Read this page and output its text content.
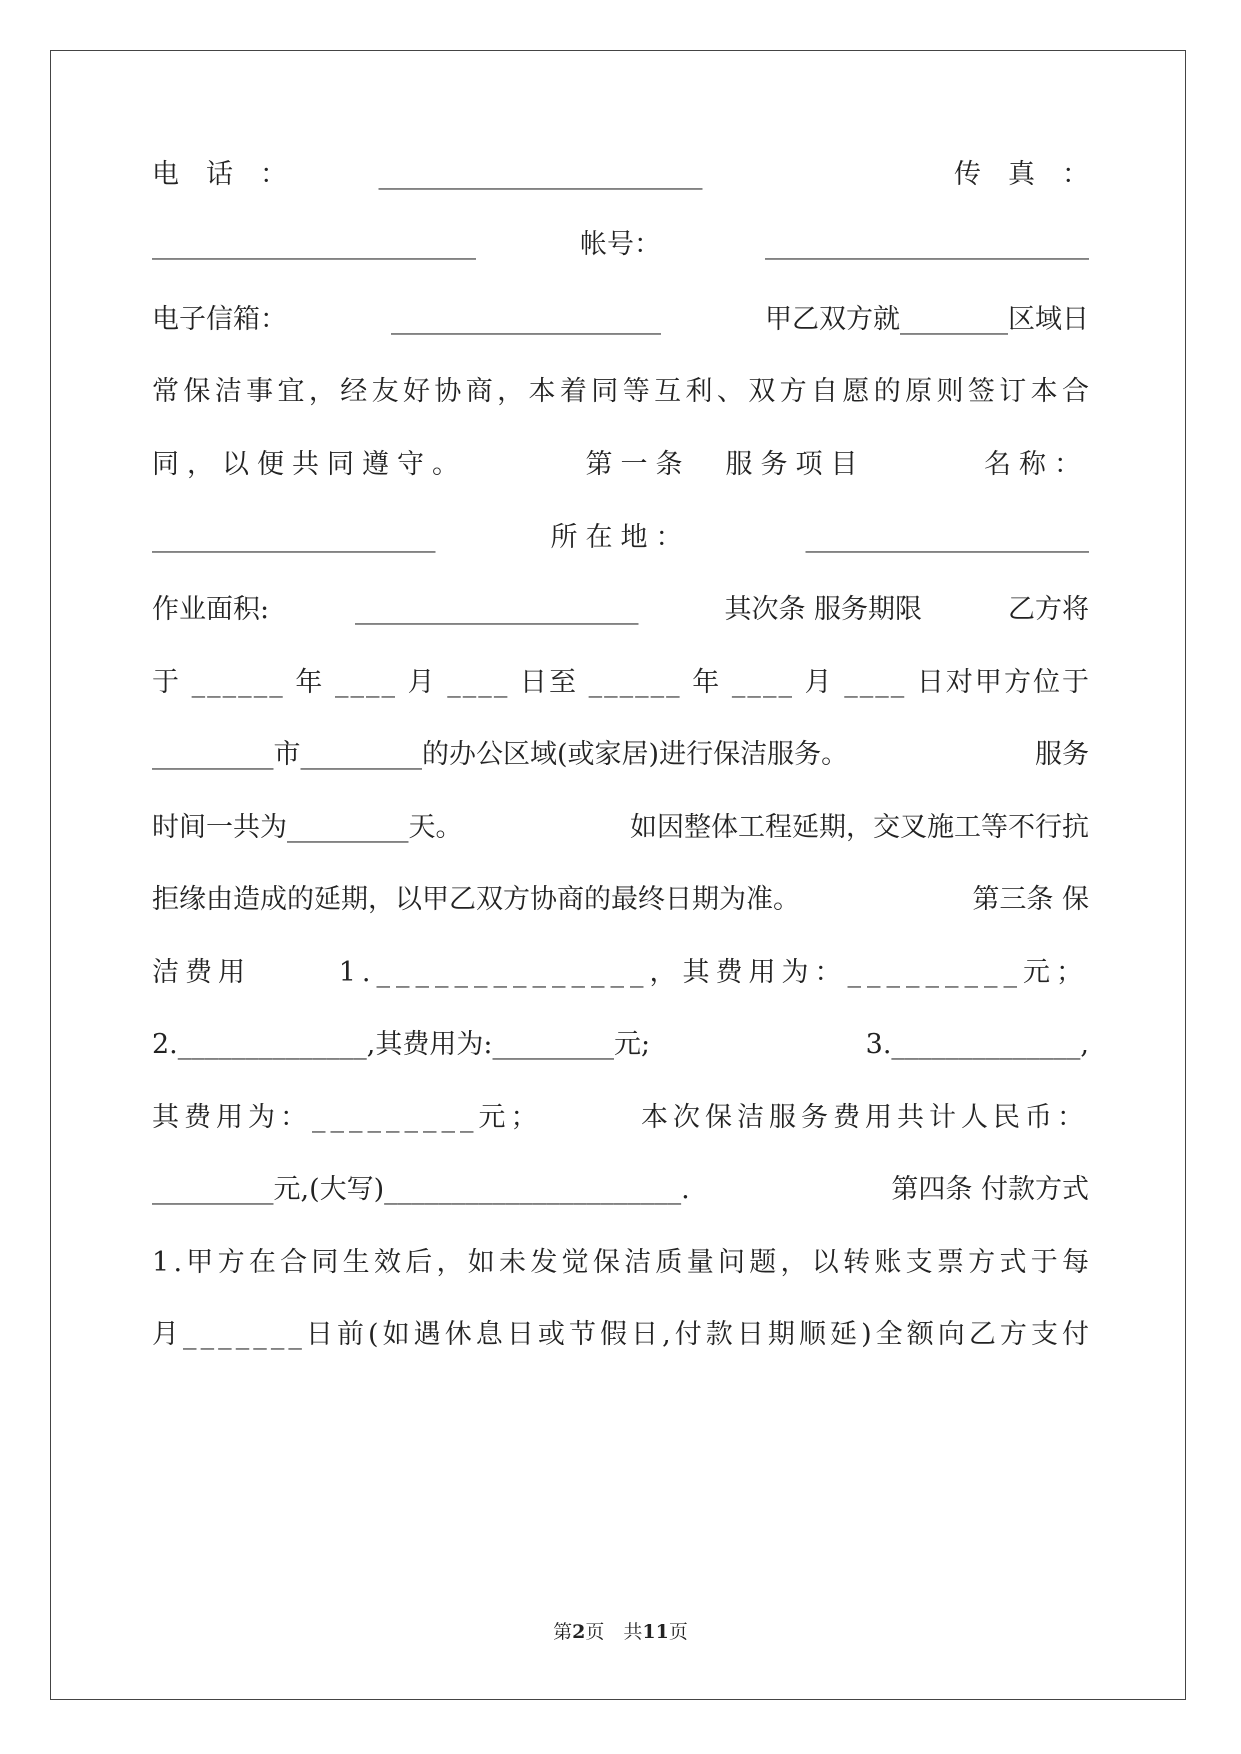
电　话　：	________________________	传　真　：
________________________	帐号：	________________________
电子信箱：	____________________	甲乙双方就________区域日
常保洁事宜，经友好协商，本着同等互利、双方自愿的原则签订本合
同，以便共同遵守。	第一条　服务项目	名称：
_____________________	所在地：	_____________________
作业面积:	_____________________	其次条 服务期限	乙方将
于 ______ 年 ____ 月 ____ 日至 ______ 年 ____ 月 ____ 日对甲方位于
_________市_________的办公区域(或家居)进行保洁服务。	服务
时间一共为_________天。	如因整体工程延期，交叉施工等不行抗
拒缘由造成的延期，以甲乙双方协商的最终日期为准。	第三条 保
洁费用	1.______________，其费用为：_________元；
2.______________,其费用为:_________元;	3.______________,
其费用为：_________元；	本次保洁服务费用共计人民币：
_________元,(大写)______________________.	第四条 付款方式
1.甲方在合同生效后，如未发觉保洁质量问题，以转账支票方式于每
月_______日前(如遇休息日或节假日,付款日期顺延)全额向乙方支付
第2页　共11页
